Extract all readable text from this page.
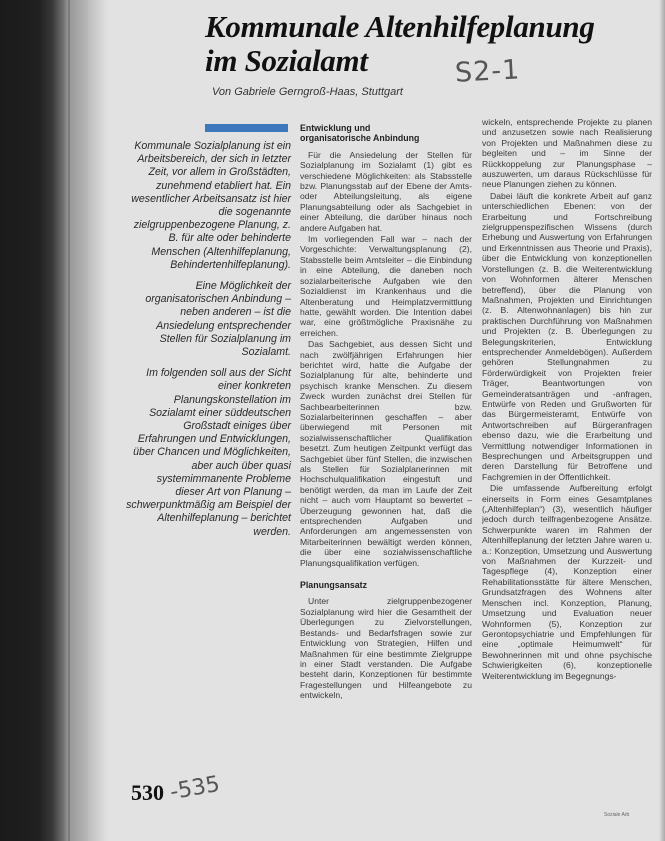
Kommunale Altenhilfeplanung
im Sozialamt
Von Gabriele Gerngroß-Haas, Stuttgart
S2-1

Kommunale Sozialplanung ist ein Arbeitsbereich, der sich in letzter Zeit, vor allem in Großstädten, zunehmend etabliert hat. Ein wesentlicher Arbeitsansatz ist hier die sogenannte zielgruppenbezogene Planung, z. B. für alte oder behinderte Menschen (Altenhilfeplanung, Behindertenhilfeplanung).

Eine Möglichkeit der organisatorischen Anbindung – neben anderen – ist die Ansiedelung entsprechender Stellen für Sozialplanung im Sozialamt.

Im folgenden soll aus der Sicht einer konkreten Planungskonstellation im Sozialamt einer süddeutschen Großstadt einiges über Erfahrungen und Entwicklungen, über Chancen und Möglichkeiten, aber auch über quasi systemimmanente Probleme dieser Art von Planung – schwerpunktmäßig am Beispiel der Altenhilfeplanung – berichtet werden.

Entwicklung und
organisatorische Anbindung

Für die Ansiedelung der Stellen für Sozialplanung im Sozialamt (1) gibt es verschiedene Möglichkeiten: als Stabsstelle bzw. Planungsstab auf der Ebene der Amts- oder Abteilungsleitung, als eigene Planungsabteilung oder als Sachgebiet in einer Abteilung, die darüber hinaus noch andere Aufgaben hat.

Im vorliegenden Fall war – nach der Vorgeschichte: Verwaltungsplanung (2), Stabsstelle beim Amtsleiter – die Einbindung in eine Abteilung, die daneben noch sozialarbeiterische Aufgaben wie den Sozialdienst im Krankenhaus und die Altenberatung und Heimplatzvermittlung hatte, gewählt worden. Die Intention dabei war, eine größtmögliche Praxisnähe zu erreichen.

Das Sachgebiet, aus dessen Sicht und nach zwölfjährigen Erfahrungen hier berichtet wird, hatte die Aufgabe der Sozialplanung für alte, behinderte und psychisch kranke Menschen. Zu diesem Zweck wurden zunächst drei Stellen für Sachbearbeiterinnen bzw. Sozialarbeiterinnen geschaffen – aber überwiegend mit Personen mit sozialwissenschaftlicher Qualifikation besetzt. Zum heutigen Zeitpunkt verfügt das Sachgebiet über fünf Stellen, die inzwischen als Stellen für Sozialplanerinnen mit Hochschulqualifikation eingestuft und benötigt werden, da man im Laufe der Zeit nicht – auch vom Hauptamt so bewertet – Überzeugung gewonnen hat, daß die entsprechenden Aufgaben und Anforderungen am angemessensten von Mitarbeiterinnen bewältigt werden können, die über eine sozialwissenschaftliche Planungsqualifikation verfügen.

Planungsansatz

Unter zielgruppenbezogener Sozialplanung wird hier die Gesamtheit der Überlegungen zu Zielvorstellungen, Bestands- und Bedarfsfragen sowie zur Entwicklung von Strategien, Hilfen und Maßnahmen für eine bestimmte Zielgruppe in einer Stadt verstanden. Die Aufgabe besteht darin, Konzeptionen für bestimmte Fragestellungen und Hilfeangebote zu entwickeln,

wickeln, entsprechende Projekte zu planen und anzusetzen sowie nach Realisierung von Projekten und Maßnahmen diese zu begleiten und – im Sinne der Rückkoppelung zur Planungsphase – auszuwerten, um daraus Rückschlüsse für neue Planungen ziehen zu können.

Dabei läuft die konkrete Arbeit auf ganz unterschiedlichen Ebenen: von der Erarbeitung und Fortschreibung zielgruppenspezifischen Wissens (durch Erhebung und Auswertung von Erfahrungen und Erkenntnissen aus Theorie und Praxis), über die Entwicklung von konzeptionellen Vorstellungen (z. B. die Weiterentwicklung von Wohnformen älterer Menschen betreffend), über die Planung von Maßnahmen, Projekten und Einrichtungen (z. B. Altenwohnanlagen) bis hin zur praktischen Durchführung von Maßnahmen und Projekten (z. B. Überlegungen zu Belegungskriterien, Entwicklung entsprechender Anmeldebögen). Außerdem gehören Stellungnahmen zu Förderwürdigkeit von Projekten freier Träger, Beantwortungen von Gemeinderatsanträgen und -anfragen, Entwürfe von Reden und Grußworten für das Bürgermeisteramt, Entwürfe von Antwortschreiben auf Bürgeranfragen ebenso dazu, wie die Erarbeitung und Vermittlung notwendiger Informationen in Besprechungen und Arbeitsgruppen und deren Darstellung für Betroffene und Fachgremien in der Öffentlichkeit.

Die umfassende Aufbereitung erfolgt einerseits in Form eines Gesamtplanes („Altenhilfeplan“) (3), wesentlich häufiger jedoch durch teilfragenbezogene Ansätze. Schwerpunkte waren im Rahmen der Altenhilfeplanung der letzten Jahre waren u. a.: Konzeption, Umsetzung und Auswertung von Maßnahmen der Kurzzeit- und Tagespflege (4), Konzeption einer Rehabilitationsstätte für ältere Menschen, Grundsatzfragen des Wohnens alter Menschen incl. Konzeption, Planung, Umsetzung und Evaluation neuer Wohnformen (5), Konzeption zur Gerontopsychiatrie und Empfehlungen für eine „optimale Heimumwelt“ für Bewohnerinnen mit und ohne psychische Schwierigkeiten (6), konzeptionelle Weiterentwicklung im Begegnungs-

530 -535
Soziale Arb
